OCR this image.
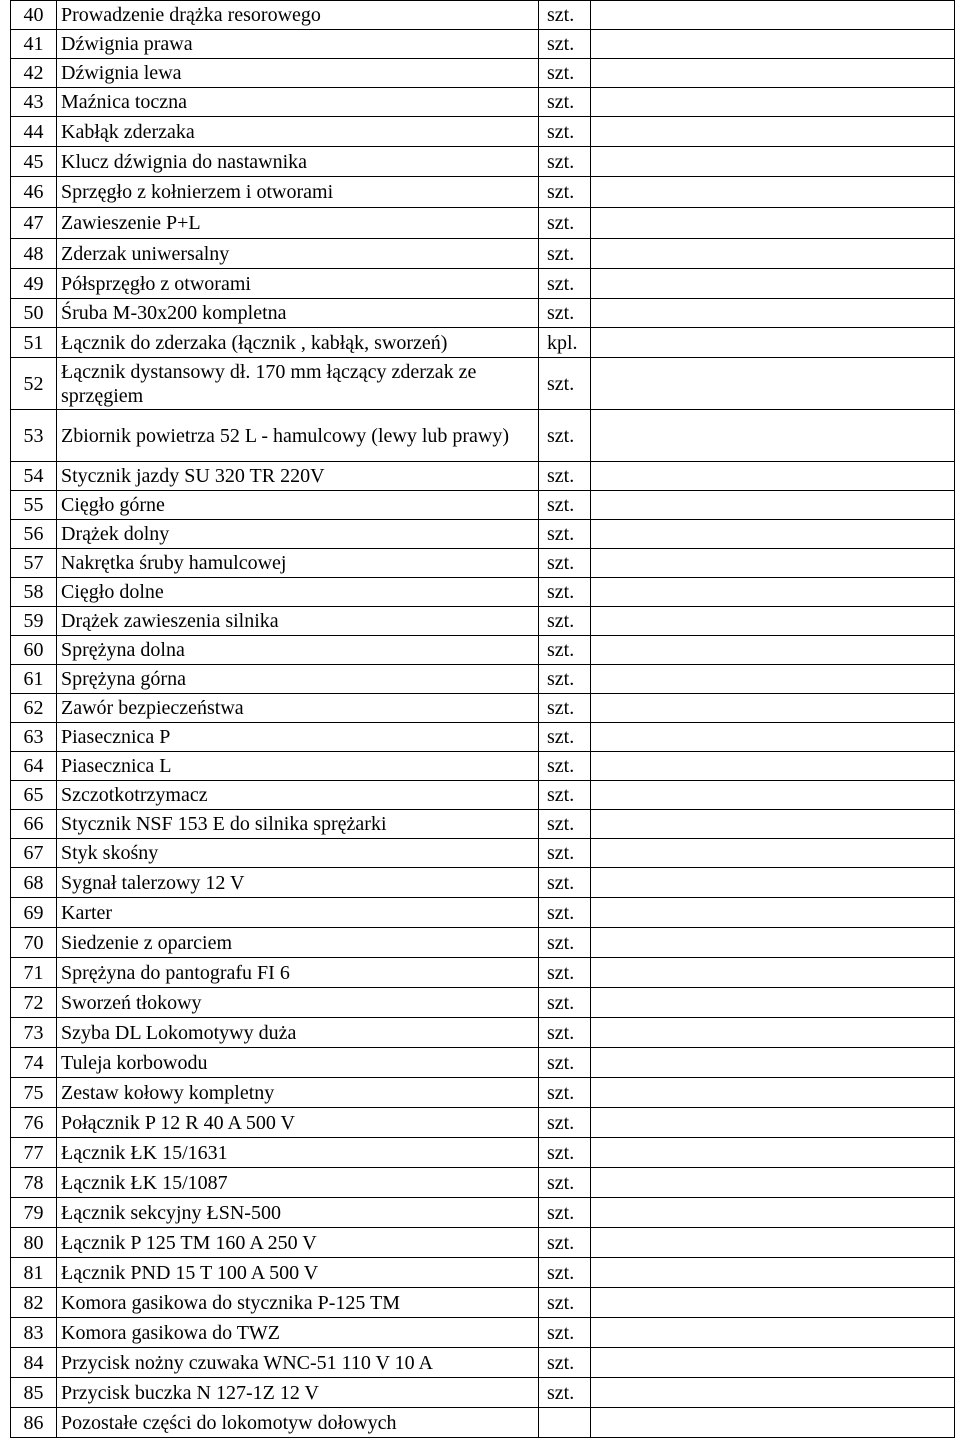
40	Prowadzenie drążka resorowego	szt.	
41	Dźwignia prawa	szt.	
42	Dźwignia lewa	szt.	
43	Maźnica toczna	szt.	
44	Kabłąk zderzaka	szt.	
45	Klucz dźwignia do nastawnika	szt.	
46	Sprzęgło z kołnierzem i otworami	szt.	
47	Zawieszenie P+L	szt.	
48	Zderzak uniwersalny	szt.	
49	Półsprzęgło z otworami	szt.	
50	Śruba M-30x200 kompletna	szt.	
51	Łącznik do zderzaka (łącznik , kabłąk, sworzeń)	kpl.	
52	Łącznik dystansowy dł. 170 mm łączący zderzak ze sprzęgiem	szt.	
53	Zbiornik powietrza 52 L - hamulcowy (lewy lub prawy)	szt.	
54	Stycznik jazdy SU 320 TR 220V	szt.	
55	Cięgło górne	szt.	
56	Drążek dolny	szt.	
57	Nakrętka śruby hamulcowej	szt.	
58	Cięgło dolne	szt.	
59	Drążek zawieszenia silnika	szt.	
60	Sprężyna dolna	szt.	
61	Sprężyna górna	szt.	
62	Zawór bezpieczeństwa	szt.	
63	Piasecznica P	szt.	
64	Piasecznica L	szt.	
65	Szczotkotrzymacz	szt.	
66	Stycznik NSF 153 E do silnika sprężarki	szt.	
67	Styk skośny	szt.	
68	Sygnał talerzowy 12 V	szt.	
69	Karter	szt.	
70	Siedzenie z oparciem	szt.	
71	Sprężyna do pantografu FI 6	szt.	
72	Sworzeń tłokowy	szt.	
73	Szyba DL Lokomotywy duża	szt.	
74	Tuleja korbowodu	szt.	
75	Zestaw kołowy kompletny	szt.	
76	Połącznik P 12 R 40 A 500 V	szt.	
77	Łącznik ŁK 15/1631	szt.	
78	Łącznik ŁK 15/1087	szt.	
79	Łącznik sekcyjny ŁSN-500	szt.	
80	Łącznik P 125 TM 160 A 250 V	szt.	
81	Łącznik PND 15 T 100 A 500 V	szt.	
82	Komora gasikowa do stycznika P-125 TM	szt.	
83	Komora gasikowa do TWZ	szt.	
84	Przycisk nożny czuwaka WNC-51 110 V 10 A	szt.	
85	Przycisk buczka N 127-1Z 12 V	szt.	
86	Pozostałe części do lokomotyw dołowych		
